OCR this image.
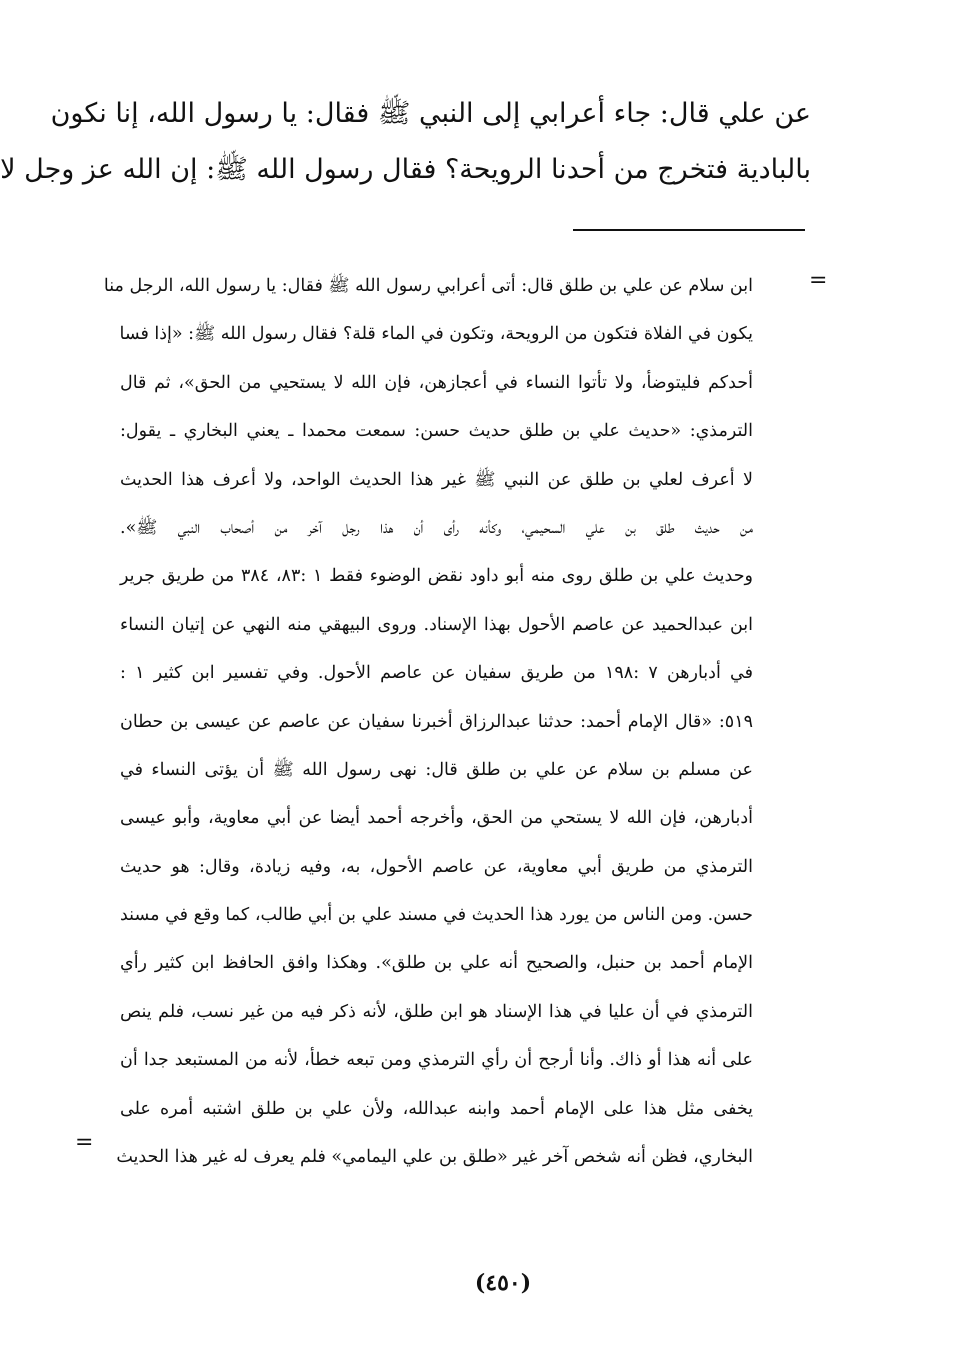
عن علي قال: جاء أعرابي إلى النبي ﷺ فقال: يا رسول الله، إنا نكون
بالبادية فتخرج من أحدنا الرويحة؟ فقال رسول الله ﷺ: إن الله عز وجل لا
=
ابن سلام عن علي بن طلق قال: أتى أعرابي رسول الله ﷺ فقال: يا رسول الله، الرجل منا
يكون في الفلاة فتكون من الرويحة، وتكون في الماء قلة؟ فقال رسول الله ﷺ: «إذا فسا
أحدكم فليتوضأ، ولا تأتوا النساء في أعجازهن، فإن الله لا يستحيي من الحق»، ثم قال
الترمذي: «حديث علي بن طلق حديث حسن: سمعت محمدا ـ يعني البخاري ـ يقول:
لا أعرف لعلي بن طلق عن النبي ﷺ غير هذا الحديث الواحد، ولا أعرف هذا الحديث
من حديث طلق بن علي السحيمي، وكأنه رأى أن هذا رجل آخر من أصحاب النبي ﷺ».
وحديث علي بن طلق روى منه أبو داود نقض الوضوء فقط ١ :٨٣، ٣٨٤ من طريق جرير
ابن عبدالحميد عن عاصم الأحول بهذا الإسناد. وروى البيهقي منه النهي عن إتيان النساء
في أدبارهن ٧ :١٩٨ من طريق سفيان عن عاصم الأحول. وفي تفسير ابن كثير ١ :
٥١٩: «قال الإمام أحمد: حدثنا عبدالرزاق أخبرنا سفيان عن عاصم عن عيسى بن حطان
عن مسلم بن سلام عن علي بن طلق قال: نهى رسول الله ﷺ أن يؤتى النساء في
أدبارهن، فإن الله لا يستحي من الحق، وأخرجه أحمد أيضا عن أبي معاوية، وأبو عيسى
الترمذي من طريق أبي معاوية، عن عاصم الأحول، به، وفيه زيادة، وقال: هو حديث
حسن. ومن الناس من يورد هذا الحديث في مسند علي بن أبي طالب، كما وقع في مسند
الإمام أحمد بن حنبل، والصحيح أنه علي بن طلق». وهكذا وافق الحافظ ابن كثير رأي
الترمذي في أن عليا في هذا الإسناد هو ابن طلق، لأنه ذكر فيه من غير نسب، فلم ينص
على أنه هذا أو ذاك. وأنا أرجح أن رأي الترمذي ومن تبعه خطأ، لأنه من المستبعد جدا أن
يخفى مثل هذا على الإمام أحمد وابنه عبدالله، ولأن علي بن طلق اشتبه أمره على
البخاري، فظن أنه شخص آخر غير «طلق بن علي اليمامي» فلم يعرف له غير هذا الحديث
=
(٤٥٠)
